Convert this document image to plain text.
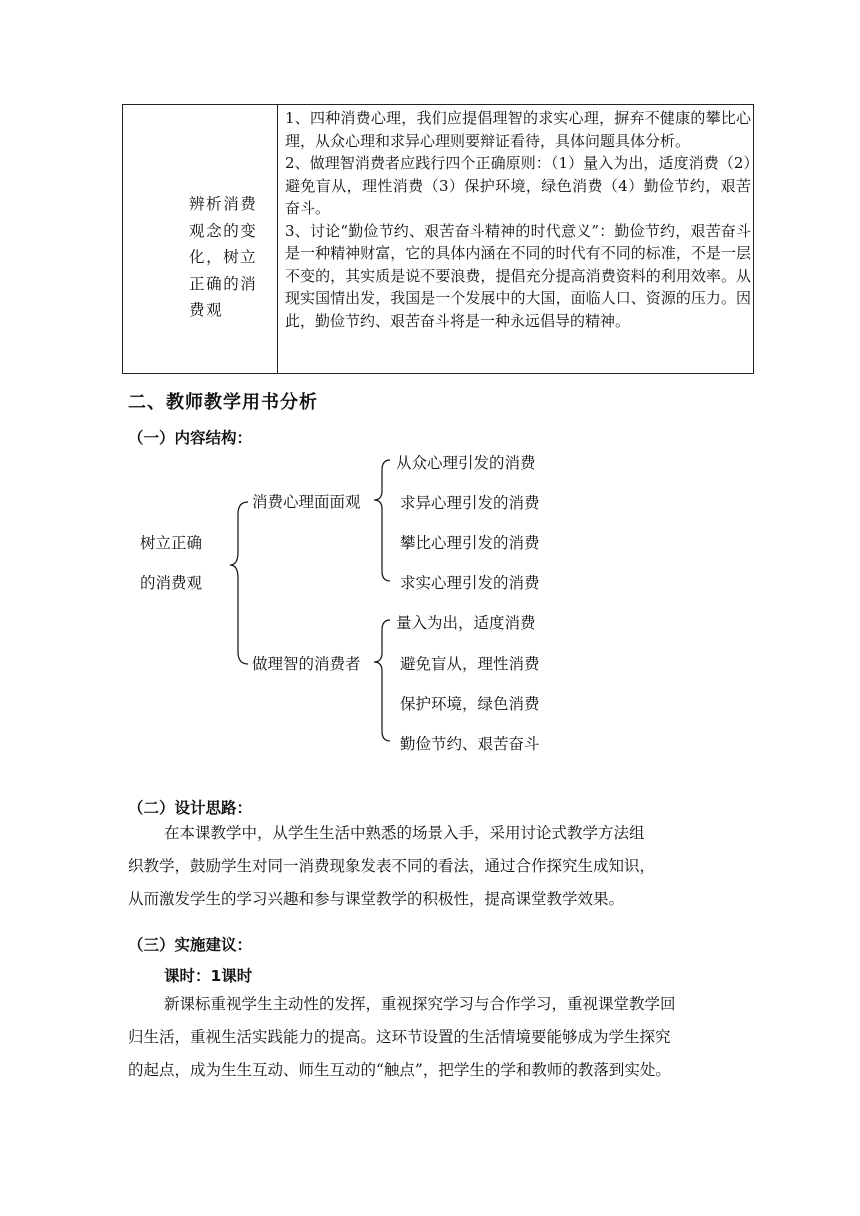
辨析消费
观念的变
化，树立
正确的消
费观

1、四种消费心理，我们应提倡理智的求实心理，摒弃不健康的攀比心理，从众心理和求异心理则要辩证看待，具体问题具体分析。

2、做理智消费者应践行四个正确原则：（1）量入为出，适度消费（2）避免盲从，理性消费（3）保护环境，绿色消费（4）勤俭节约，艰苦奋斗。

3、讨论“勤俭节约、艰苦奋斗精神的时代意义”：勤俭节约，艰苦奋斗是一种精神财富，它的具体内涵在不同的时代有不同的标准，不是一层不变的，其实质是说不要浪费，提倡充分提高消费资料的利用效率。从现实国情出发，我国是一个发展中的大国，面临人口、资源的压力。因此，勤俭节约、艰苦奋斗将是一种永远倡导的精神。

二、教师教学用书分析
（一）内容结构：
树立正确
的消费观
消费心理面面观
做理智的消费者
从众心理引发的消费
求异心理引发的消费
攀比心理引发的消费
求实心理引发的消费
量入为出，适度消费
避免盲从，理性消费
保护环境，绿色消费
勤俭节约、艰苦奋斗
（二）设计思路：
在本课教学中，从学生生活中熟悉的场景入手，采用讨论式教学方法组
织教学，鼓励学生对同一消费现象发表不同的看法，通过合作探究生成知识，
从而激发学生的学习兴趣和参与课堂教学的积极性，提高课堂教学效果。
（三）实施建议：
课时：1课时
新课标重视学生主动性的发挥，重视探究学习与合作学习，重视课堂教学回
归生活，重视生活实践能力的提高。这环节设置的生活情境要能够成为学生探究
的起点，成为生生互动、师生互动的“触点”，把学生的学和教师的教落到实处。
